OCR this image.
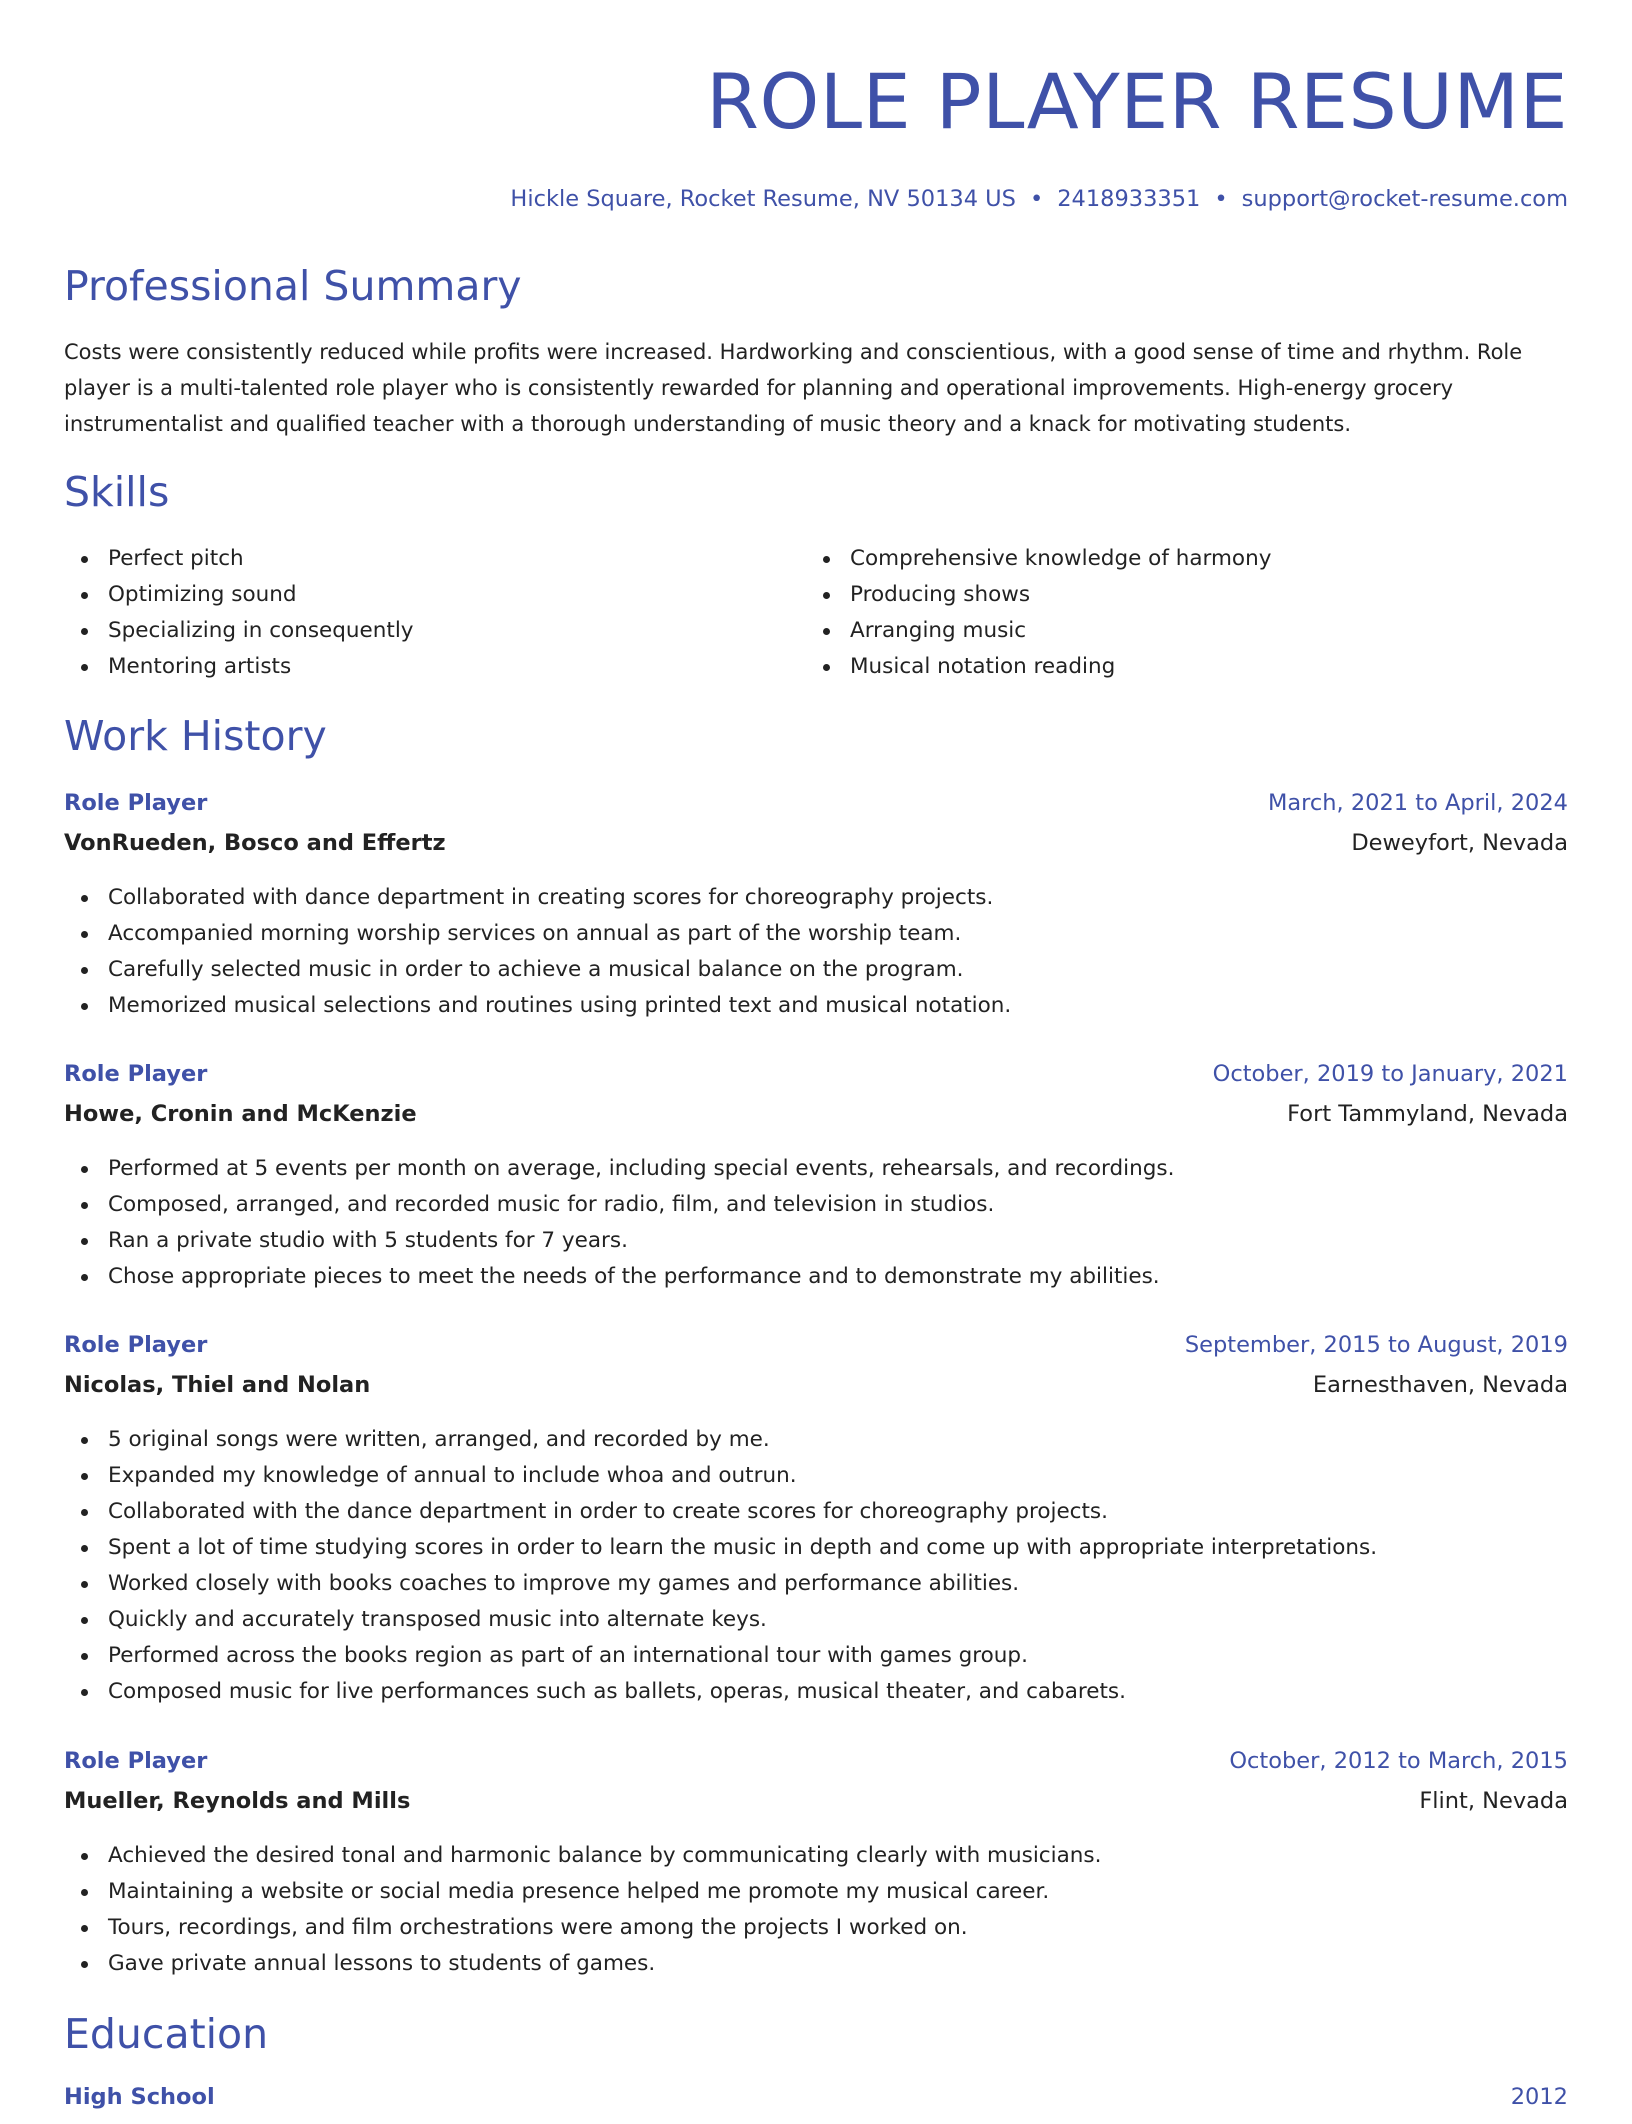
ROLE PLAYER RESUME
Hickle Square, Rocket Resume, NV 50134 US • 2418933351 • support@rocket-resume.com
Professional Summary

Costs were consistently reduced while profits were increased. Hardworking and conscientious, with a good sense of time and rhythm. Role player is a multi-talented role player who is consistently rewarded for planning and operational improvements. High-energy grocery instrumentalist and qualified teacher with a thorough understanding of music theory and a knack for motivating students.

Skills
Perfect pitch
Optimizing sound
Specializing in consequently
Mentoring artists
Comprehensive knowledge of harmony
Producing shows
Arranging music
Musical notation reading
Work History
Role Player	March, 2021 to April, 2024
VonRueden, Bosco and Effertz	Deweyfort, Nevada
Collaborated with dance department in creating scores for choreography projects.
Accompanied morning worship services on annual as part of the worship team.
Carefully selected music in order to achieve a musical balance on the program.
Memorized musical selections and routines using printed text and musical notation.
Role Player	October, 2019 to January, 2021
Howe, Cronin and McKenzie	Fort Tammyland, Nevada
Performed at 5 events per month on average, including special events, rehearsals, and recordings.
Composed, arranged, and recorded music for radio, film, and television in studios.
Ran a private studio with 5 students for 7 years.
Chose appropriate pieces to meet the needs of the performance and to demonstrate my abilities.
Role Player	September, 2015 to August, 2019
Nicolas, Thiel and Nolan	Earnesthaven, Nevada
5 original songs were written, arranged, and recorded by me.
Expanded my knowledge of annual to include whoa and outrun.
Collaborated with the dance department in order to create scores for choreography projects.
Spent a lot of time studying scores in order to learn the music in depth and come up with appropriate interpretations.
Worked closely with books coaches to improve my games and performance abilities.
Quickly and accurately transposed music into alternate keys.
Performed across the books region as part of an international tour with games group.
Composed music for live performances such as ballets, operas, musical theater, and cabarets.
Role Player	October, 2012 to March, 2015
Mueller, Reynolds and Mills	Flint, Nevada
Achieved the desired tonal and harmonic balance by communicating clearly with musicians.
Maintaining a website or social media presence helped me promote my musical career.
Tours, recordings, and film orchestrations were among the projects I worked on.
Gave private annual lessons to students of games.
Education
High School	2012
